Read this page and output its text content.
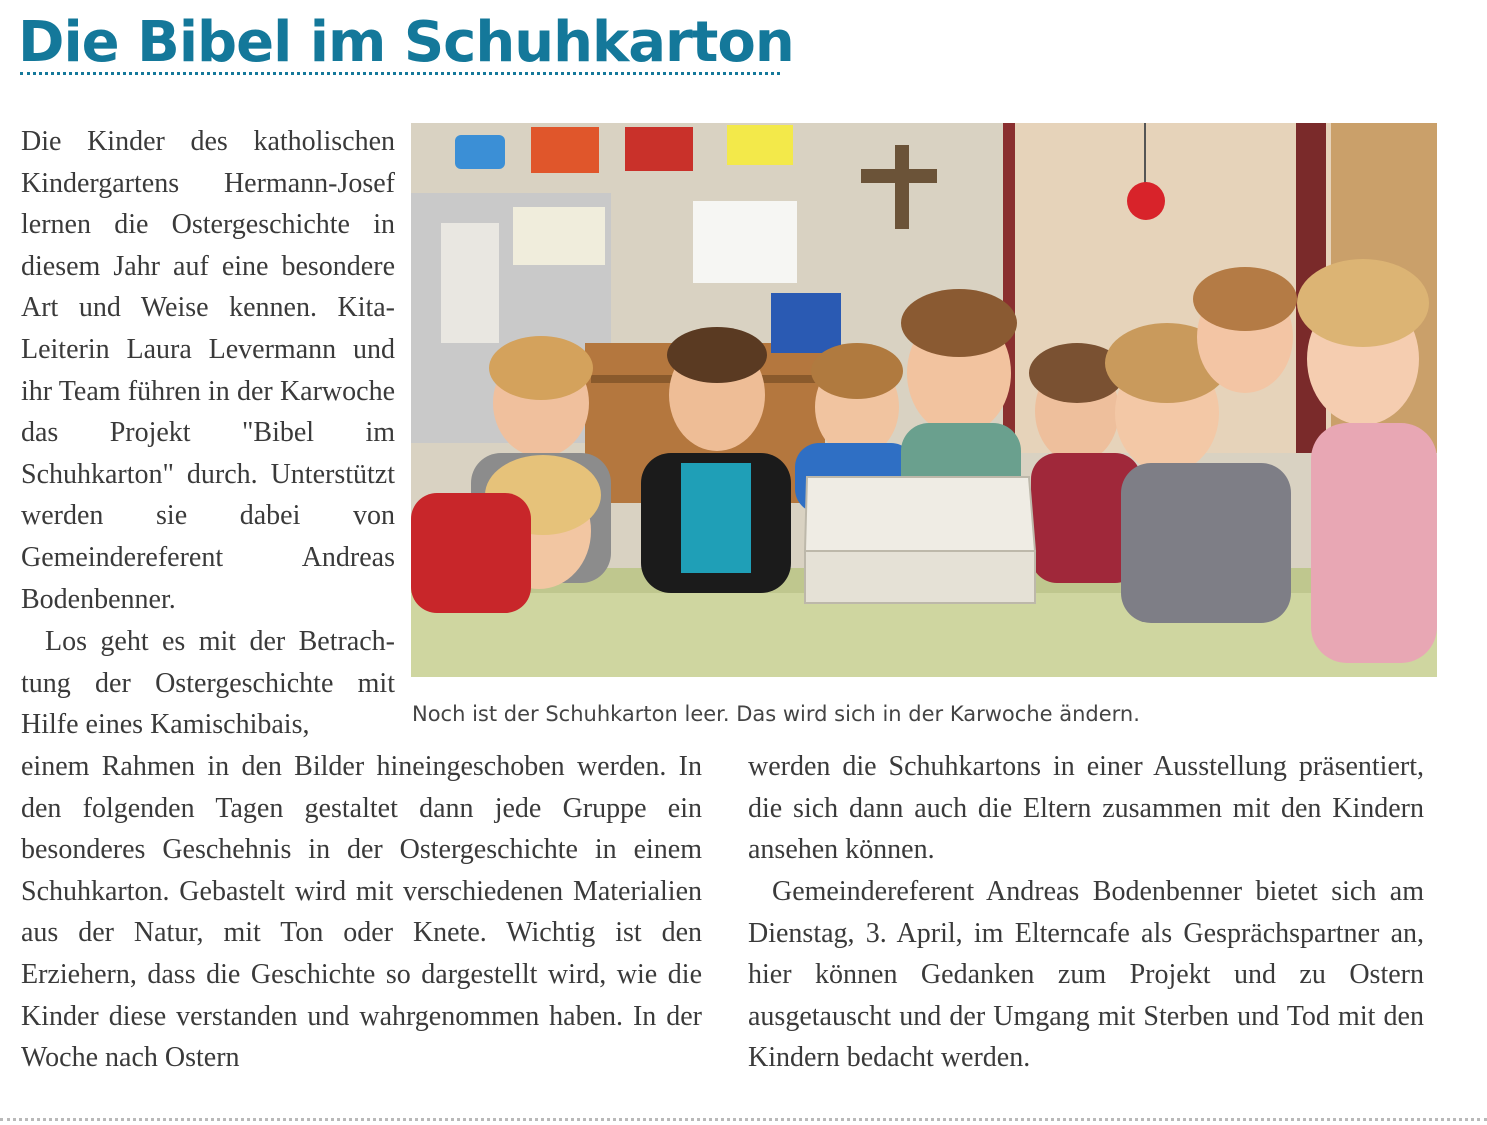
Die Bibel im Schuhkarton

Die Kinder des katholischen Kindergartens Hermann-Josef lernen die Ostergeschichte in diesem Jahr auf eine besondere Art und Weise kennen. Kita-Leiterin Laura Levermann und ihr Team führen in der Karwoche das Projekt "Bibel im Schuhkarton" durch. Unterstützt werden sie dabei von Gemeindereferent Andreas Bodenbenner.

Los geht es mit der Betrachtung der Ostergeschichte mit Hilfe eines Kamischibais,	Noch ist der Schuhkarton leer. Das wird sich in der Karwoche ändern.

einem Rahmen in den Bilder hineingeschoben werden. In den folgenden Tagen gestaltet dann jede Gruppe ein besonderes Geschehnis in der Ostergeschichte in einem Schuhkarton. Gebastelt wird mit verschiedenen Materialien aus der Natur, mit Ton oder Knete. Wichtig ist den Erziehern, dass die Geschichte so dargestellt wird, wie die Kinder diese verstanden und wahrgenommen haben. In der Woche nach Ostern

werden die Schuhkartons in einer Ausstellung präsentiert, die sich dann auch die Eltern zusammen mit den Kindern ansehen können.

Gemeindereferent Andreas Bodenbenner bietet sich am Dienstag, 3. April, im Elterncafe als Gesprächspartner an, hier können Gedanken zum Projekt und zu Ostern ausgetauscht und der Umgang mit Sterben und Tod mit den Kindern bedacht werden.
